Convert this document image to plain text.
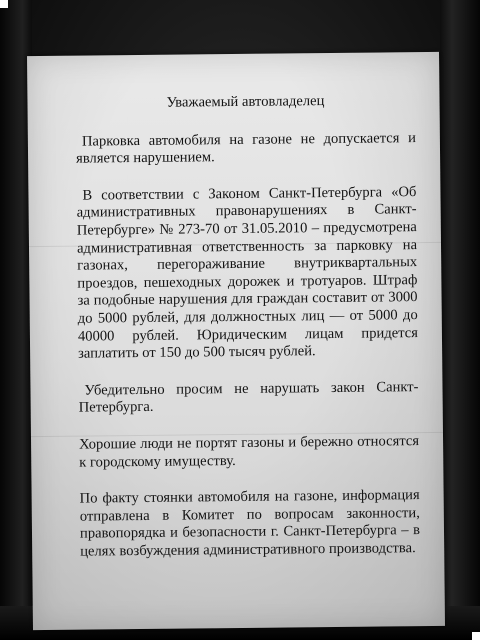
Уважаемый автовладелец

Парковка автомобиля на газоне не допускается и является нарушением.

В соответствии с Законом Санкт-Петербурга «Об административных правонарушениях в Санкт-Петербурге» № 273-70 от 31.05.2010 – предусмотрена административная ответственность за парковку на газонах, перегораживание внутриквартальных проездов, пешеходных дорожек и тротуаров. Штраф за подобные нарушения для граждан составит от 3000 до 5000 рублей, для должностных лиц — от 5000 до 40000 рублей. Юридическим лицам придется заплатить от 150 до 500 тысяч рублей.

Убедительно просим не нарушать закон Санкт-Петербурга.

Хорошие люди не портят газоны и бережно относятся к городскому имуществу.

По факту стоянки автомобиля на газоне, информация отправлена в Комитет по вопросам законности, правопорядка и безопасности г. Санкт-Петербурга – в целях возбуждения административного производства.
